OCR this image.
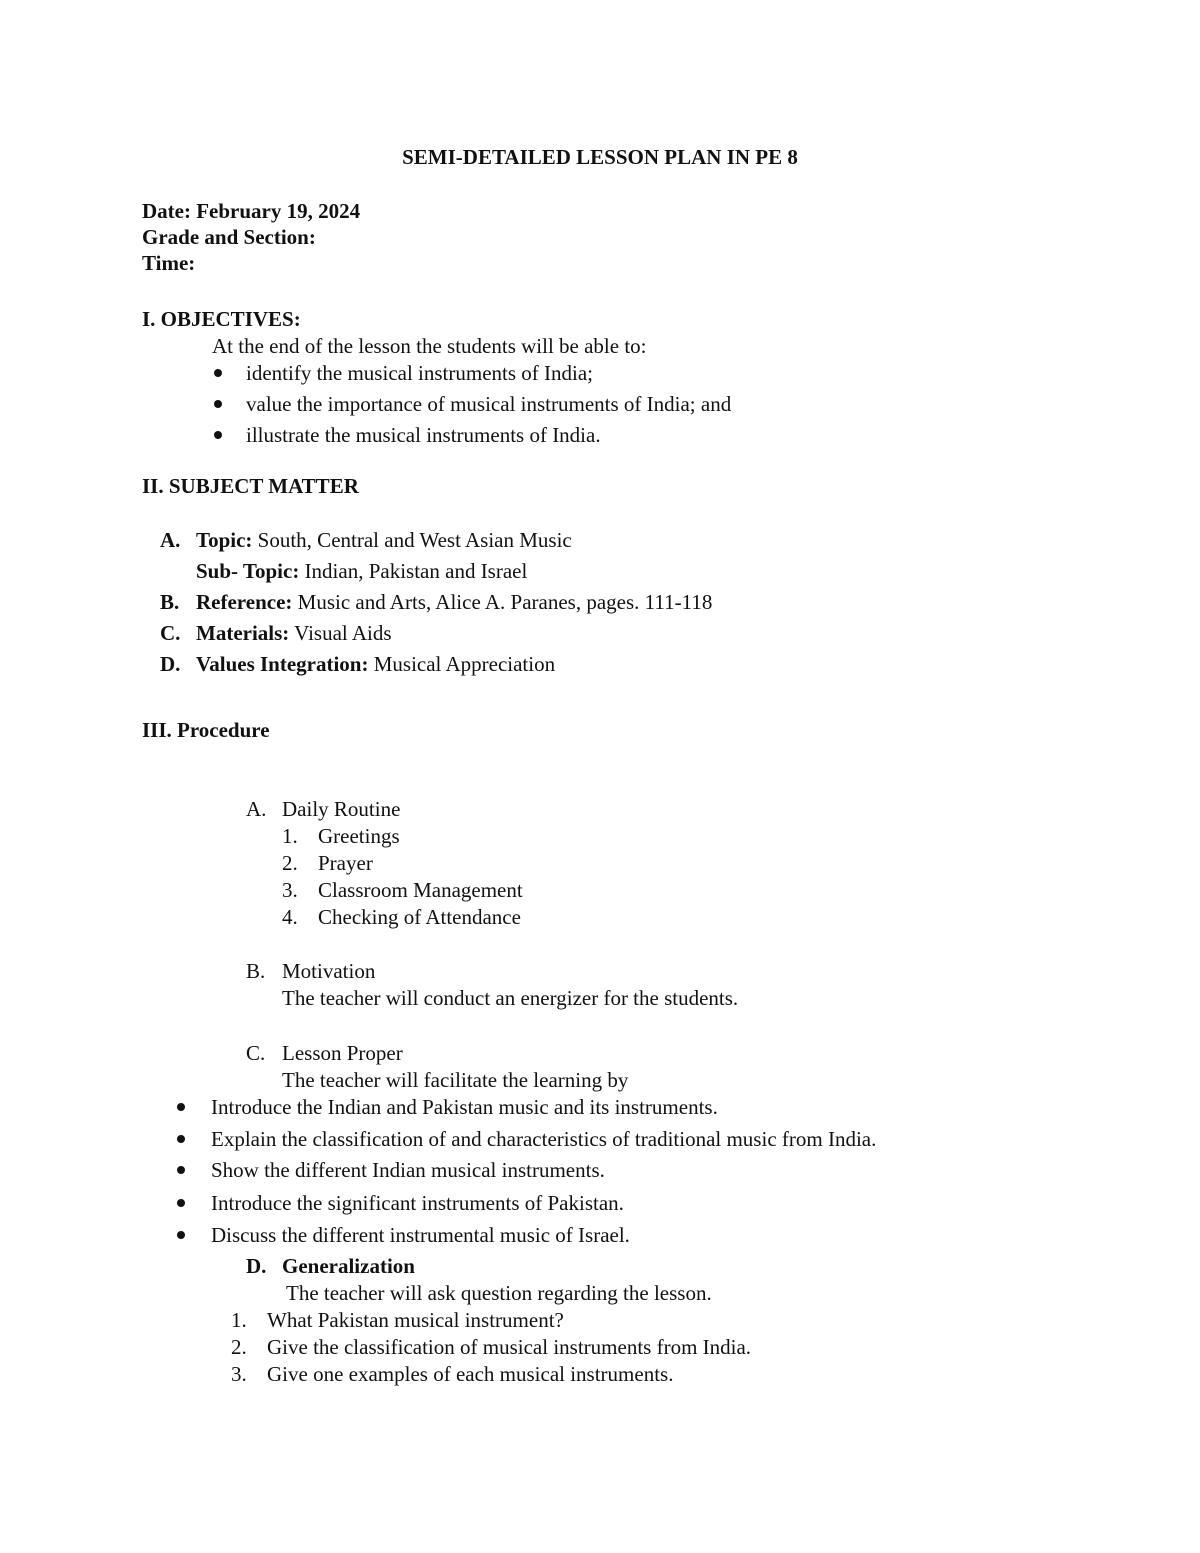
SEMI-DETAILED LESSON PLAN IN PE 8
Date: February 19, 2024
Grade and Section:
Time:
I. OBJECTIVES:
At the end of the lesson the students will be able to:
identify the musical instruments of India;
value the importance of musical instruments of India; and
illustrate the musical instruments of India.
II. SUBJECT MATTER
A. Topic: South, Central and West Asian Music
Sub- Topic: Indian, Pakistan and Israel
B. Reference: Music and Arts, Alice A. Paranes, pages. 111-118
C. Materials: Visual Aids
D. Values Integration: Musical Appreciation
III. Procedure
A. Daily Routine
1. Greetings
2. Prayer
3. Classroom Management
4. Checking of Attendance
B. Motivation
The teacher will conduct an energizer for the students.
C. Lesson Proper
The teacher will facilitate the learning by
Introduce the Indian and Pakistan music and its instruments.
Explain the classification of and characteristics of traditional music from India.
Show the different Indian musical instruments.
Introduce the significant instruments of Pakistan.
Discuss the different instrumental music of Israel.
D. Generalization
The teacher will ask question regarding the lesson.
1. What Pakistan musical instrument?
2. Give the classification of musical instruments from India.
3. Give one examples of each musical instruments.
